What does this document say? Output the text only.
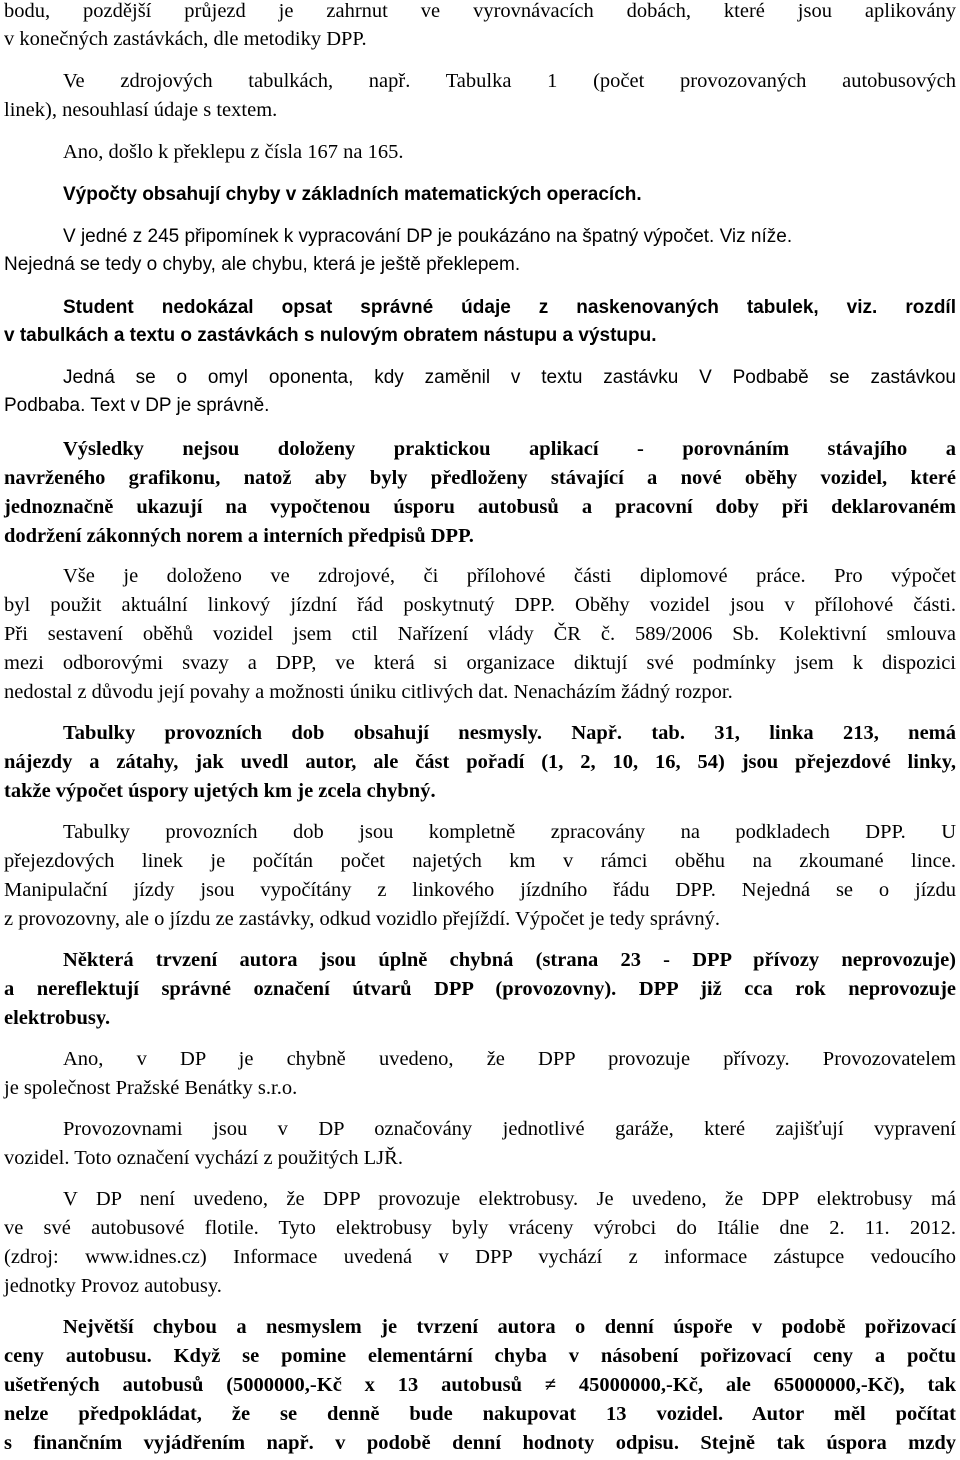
bodu, pozdější průjezd je zahrnut ve vyrovnávacích dobách, které jsou aplikovány
v konečných zastávkách, dle metodiky DPP.
Ve zdrojových tabulkách, např. Tabulka 1 (počet provozovaných autobusových
linek), nesouhlasí údaje s textem.
Ano, došlo k překlepu z čísla 167 na 165.
Výpočty obsahují chyby v základních matematických operacích.
V jedné z 245 připomínek k vypracování DP je poukázáno na špatný výpočet. Viz níže.
Nejedná se tedy o chyby, ale chybu, která je ještě překlepem.
Student nedokázal opsat správné údaje z naskenovaných tabulek, viz. rozdíl
v tabulkách a textu o zastávkách s nulovým obratem nástupu a výstupu.
Jedná se o omyl oponenta, kdy zaměnil v textu zastávku V Podbabě se zastávkou
Podbaba. Text v DP je správně.
Výsledky nejsou doloženy praktickou aplikací - porovnáním stávajího a
navrženého grafikonu, natož aby byly předloženy stávající a nové oběhy vozidel, které
jednoznačně ukazují na vypočtenou úsporu autobusů a pracovní doby při deklarovaném
dodržení zákonných norem a interních předpisů DPP.
Vše je doloženo ve zdrojové, či přílohové části diplomové práce. Pro výpočet
byl použit aktuální linkový jízdní řád poskytnutý DPP. Oběhy vozidel jsou v přílohové části.
Při sestavení oběhů vozidel jsem ctil Nařízení vlády ČR č. 589/2006 Sb. Kolektivní smlouva
mezi odborovými svazy a DPP, ve která si organizace diktují své podmínky jsem k dispozici
nedostal z důvodu její povahy a možnosti úniku citlivých dat. Nenacházím žádný rozpor.
Tabulky provozních dob obsahují nesmysly. Např. tab. 31, linka 213, nemá
nájezdy a zátahy, jak uvedl autor, ale část pořadí (1, 2, 10, 16, 54) jsou přejezdové linky,
takže výpočet úspory ujetých km je zcela chybný.
Tabulky provozních dob jsou kompletně zpracovány na podkladech DPP. U
přejezdových linek je počítán počet najetých km v rámci oběhu na zkoumané lince.
Manipulační jízdy jsou vypočítány z linkového jízdního řádu DPP. Nejedná se o jízdu
z provozovny, ale o jízdu ze zastávky, odkud vozidlo přejíždí. Výpočet je tedy správný.
Některá trvzení autora jsou úplně chybná (strana 23 - DPP přívozy neprovozuje)
a nereflektují správné označení útvarů DPP (provozovny). DPP již cca rok neprovozuje
elektrobusy.
Ano, v DP je chybně uvedeno, že DPP provozuje přívozy. Provozovatelem
je společnost Pražské Benátky s.r.o.
Provozovnami jsou v DP označovány jednotlivé garáže, které zajišťují vypravení
vozidel. Toto označení vychází z použitých LJŘ.
V DP není uvedeno, že DPP provozuje elektrobusy. Je uvedeno, že DPP elektrobusy má
ve své autobusové flotile. Tyto elektrobusy byly vráceny výrobci do Itálie dne 2. 11. 2012.
(zdroj: www.idnes.cz) Informace uvedená v DPP vychází z informace zástupce vedoucího
jednotky Provoz autobusy.
Největší chybou a nesmyslem je tvrzení autora o denní úspoře v podobě pořizovací
ceny autobusu. Když se pomine elementární chyba v násobení pořizovací ceny a počtu
ušetřených autobusů (5000000,-Kč x 13 autobusů ≠ 45000000,-Kč, ale 65000000,-Kč), tak
nelze předpokládat, že se denně bude nakupovat 13 vozidel. Autor měl počítat
s finančním vyjádřením např. v podobě denní hodnoty odpisu. Stejně tak úspora mzdy
